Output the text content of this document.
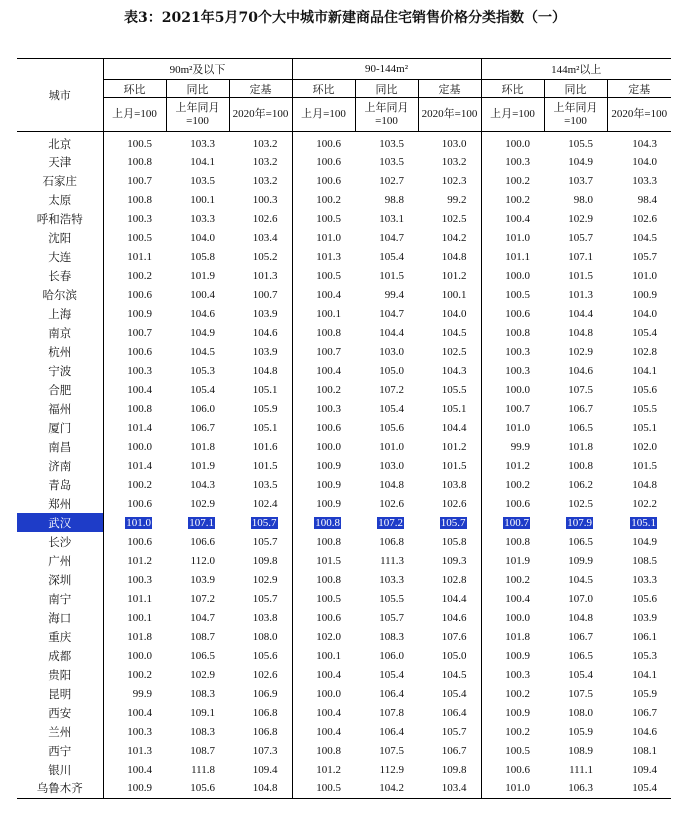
表3：2021年5月70个大中城市新建商品住宅销售价格分类指数（一）
城市	90m²及以下			90-144m²			144m²以上		
	环比	同比	定基	环比	同比	定基	环比	同比	定基
	上月=100	上年同月=100	2020年=100	上月=100	上年同月=100	2020年=100	上月=100	上年同月=100	2020年=100
北京	100.5	103.3	103.2	100.6	103.5	103.0	100.0	105.5	104.3
天津	100.8	104.1	103.2	100.6	103.5	103.2	100.3	104.9	104.0
石家庄	100.7	103.5	103.2	100.6	102.7	102.3	100.2	103.7	103.3
太原	100.8	100.1	100.3	100.2	98.8	99.2	100.2	98.0	98.4
呼和浩特	100.3	103.3	102.6	100.5	103.1	102.5	100.4	102.9	102.6
沈阳	100.5	104.0	103.4	101.0	104.7	104.2	101.0	105.7	104.5
大连	101.1	105.8	105.2	101.3	105.4	104.8	101.1	107.1	105.7
长春	100.2	101.9	101.3	100.5	101.5	101.2	100.0	101.5	101.0
哈尔滨	100.6	100.4	100.7	100.4	99.4	100.1	100.5	101.3	100.9
上海	100.9	104.6	103.9	100.1	104.7	104.0	100.6	104.4	104.0
南京	100.7	104.9	104.6	100.8	104.4	104.5	100.8	104.8	105.4
杭州	100.6	104.5	103.9	100.7	103.0	102.5	100.3	102.9	102.8
宁波	100.3	105.3	104.8	100.4	105.0	104.3	100.3	104.6	104.1
合肥	100.4	105.4	105.1	100.2	107.2	105.5	100.0	107.5	105.6
福州	100.8	106.0	105.9	100.3	105.4	105.1	100.7	106.7	105.5
厦门	101.4	106.7	105.1	100.6	105.6	104.4	101.0	106.5	105.1
南昌	100.0	101.8	101.6	100.0	101.0	101.2	99.9	101.8	102.0
济南	101.4	101.9	101.5	100.9	103.0	101.5	101.2	100.8	101.5
青岛	100.2	104.3	103.5	100.9	104.8	103.8	100.2	106.2	104.8
郑州	100.6	102.9	102.4	100.9	102.6	102.6	100.6	102.5	102.2
武汉	101.0	107.1	105.7	100.8	107.2	105.7	100.7	107.9	105.1
长沙	100.6	106.6	105.7	100.8	106.8	105.8	100.8	106.5	104.9
广州	101.2	112.0	109.8	101.5	111.3	109.3	101.9	109.9	108.5
深圳	100.3	103.9	102.9	100.8	103.3	102.8	100.2	104.5	103.3
南宁	101.1	107.2	105.7	100.5	105.5	104.4	100.4	107.0	105.6
海口	100.1	104.7	103.8	100.6	105.7	104.6	100.0	104.8	103.9
重庆	101.8	108.7	108.0	102.0	108.3	107.6	101.8	106.7	106.1
成都	100.0	106.5	105.6	100.1	106.0	105.0	100.9	106.5	105.3
贵阳	100.2	102.9	102.6	100.4	105.4	104.5	100.3	105.4	104.1
昆明	99.9	108.3	106.9	100.0	106.4	105.4	100.2	107.5	105.9
西安	100.4	109.1	106.8	100.4	107.8	106.4	100.9	108.0	106.7
兰州	100.3	108.3	106.8	100.4	106.4	105.7	100.2	105.9	104.6
西宁	101.3	108.7	107.3	100.8	107.5	106.7	100.5	108.9	108.1
银川	100.4	111.8	109.4	101.2	112.9	109.8	100.6	111.1	109.4
乌鲁木齐	100.9	105.6	104.8	100.5	104.2	103.4	101.0	106.3	105.4
